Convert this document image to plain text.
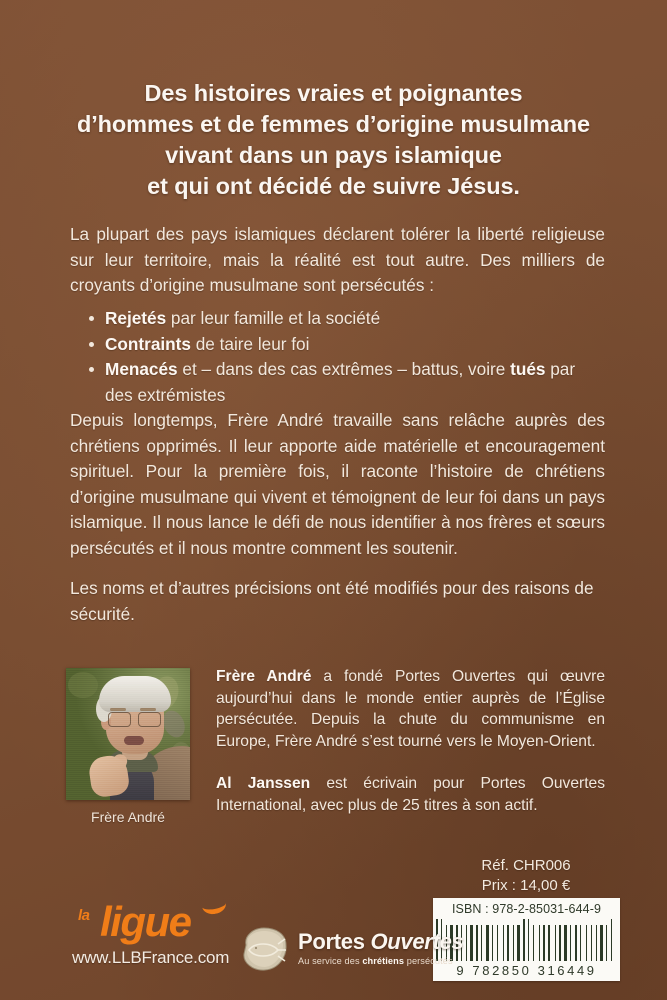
Des histoires vraies et poignantes
d’hommes et de femmes d’origine musulmane
vivant dans un pays islamique
et qui ont décidé de suivre Jésus.
La plupart des pays islamiques déclarent tolérer la liberté religieuse sur leur territoire, mais la réalité est tout autre. Des milliers de croyants d’origine musulmane sont persécutés :
Rejetés par leur famille et la société
Contraints de taire leur foi
Menacés et – dans des cas extrêmes – battus, voire tués par des extrémistes
Depuis longtemps, Frère André travaille sans relâche auprès des chrétiens opprimés. Il leur apporte aide matérielle et encouragement spirituel. Pour la première fois, il raconte l’histoire de chrétiens d’origine musulmane qui vivent et témoignent de leur foi dans un pays islamique. Il nous lance le défi de nous identifier à nos frères et sœurs persécutés et il nous montre comment les soutenir.
Les noms et d’autres précisions ont été modifiés pour des raisons de sécurité.
Frère André

Frère André a fondé Portes Ouvertes qui œuvre aujourd’hui dans le monde entier auprès de l’Église persécutée. Depuis la chute du communisme en Europe, Frère André s’est tourné vers le Moyen-Orient.

Al Janssen est écrivain pour Portes Ouvertes International, avec plus de 25 titres à son actif.

Réf. CHR006
Prix : 14,00 €
ISBN : 978-2-85031-644-9
9 782850 316449
la ligue
www.LLBFrance.com
Portes Ouvertes
Au service des chrétiens persécutés
